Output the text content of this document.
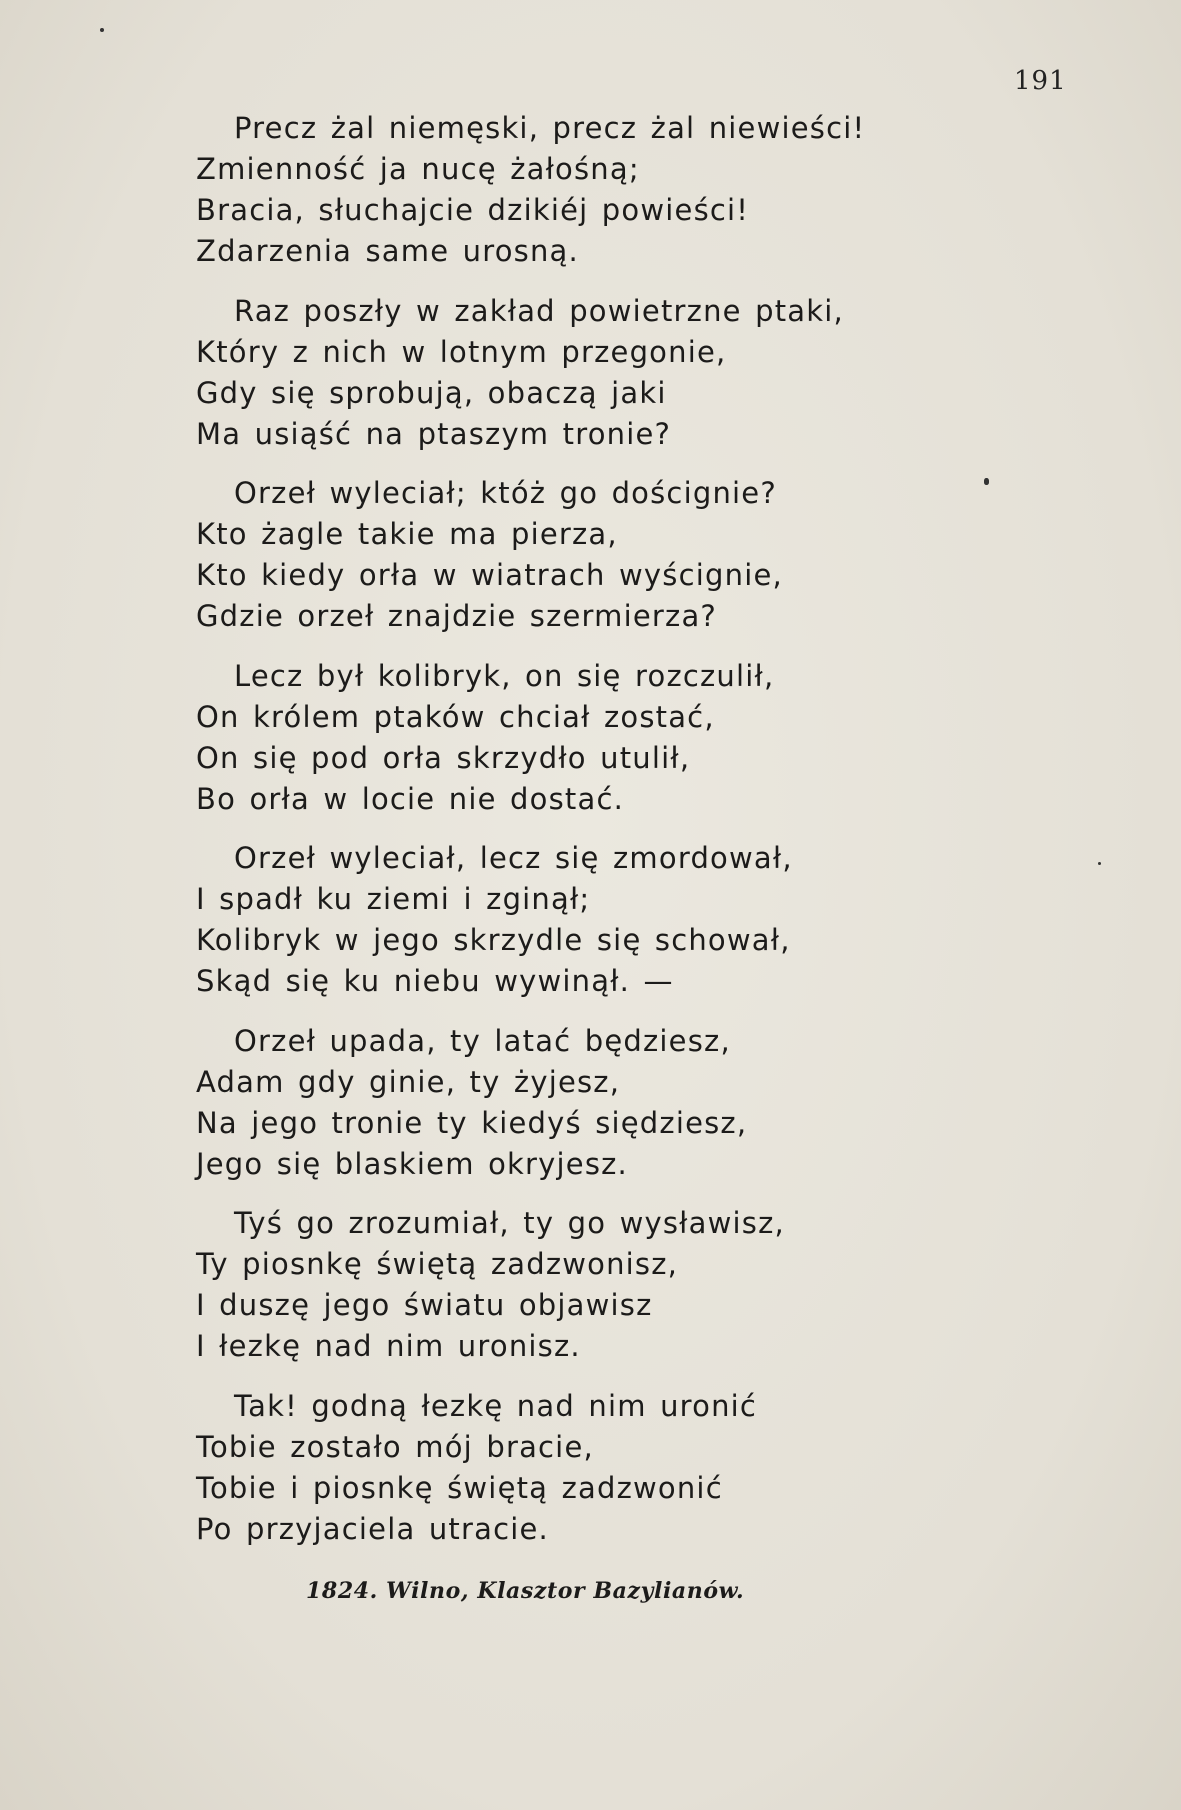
191
Precz żal niemęski, precz żal niewieści!
Zmienność ja nucę żałośną;
Bracia, słuchajcie dzikiéj powieści!
Zdarzenia same urosną.
Raz poszły w zakład powietrzne ptaki,
Który z nich w lotnym przegonie,
Gdy się sprobują, obaczą jaki
Ma usiąść na ptaszym tronie?
Orzeł wyleciał; któż go doścignie?
Kto żagle takie ma pierza,
Kto kiedy orła w wiatrach wyścignie,
Gdzie orzeł znajdzie szermierza?
Lecz był kolibryk, on się rozczulił,
On królem ptaków chciał zostać,
On się pod orła skrzydło utulił,
Bo orła w locie nie dostać.
Orzeł wyleciał, lecz się zmordował,
I spadł ku ziemi i zginął;
Kolibryk w jego skrzydle się schował,
Skąd się ku niebu wywinął. —
Orzeł upada, ty latać będziesz,
Adam gdy ginie, ty żyjesz,
Na jego tronie ty kiedyś siędziesz,
Jego się blaskiem okryjesz.
Tyś go zrozumiał, ty go wysławisz,
Ty piosnkę świętą zadzwonisz,
I duszę jego światu objawisz
I łezkę nad nim uronisz.
Tak! godną łezkę nad nim uronić
Tobie zostało mój bracie,
Tobie i piosnkę świętą zadzwonić
Po przyjaciela utracie.
1824. Wilno, Klasztor Bazylianów.
